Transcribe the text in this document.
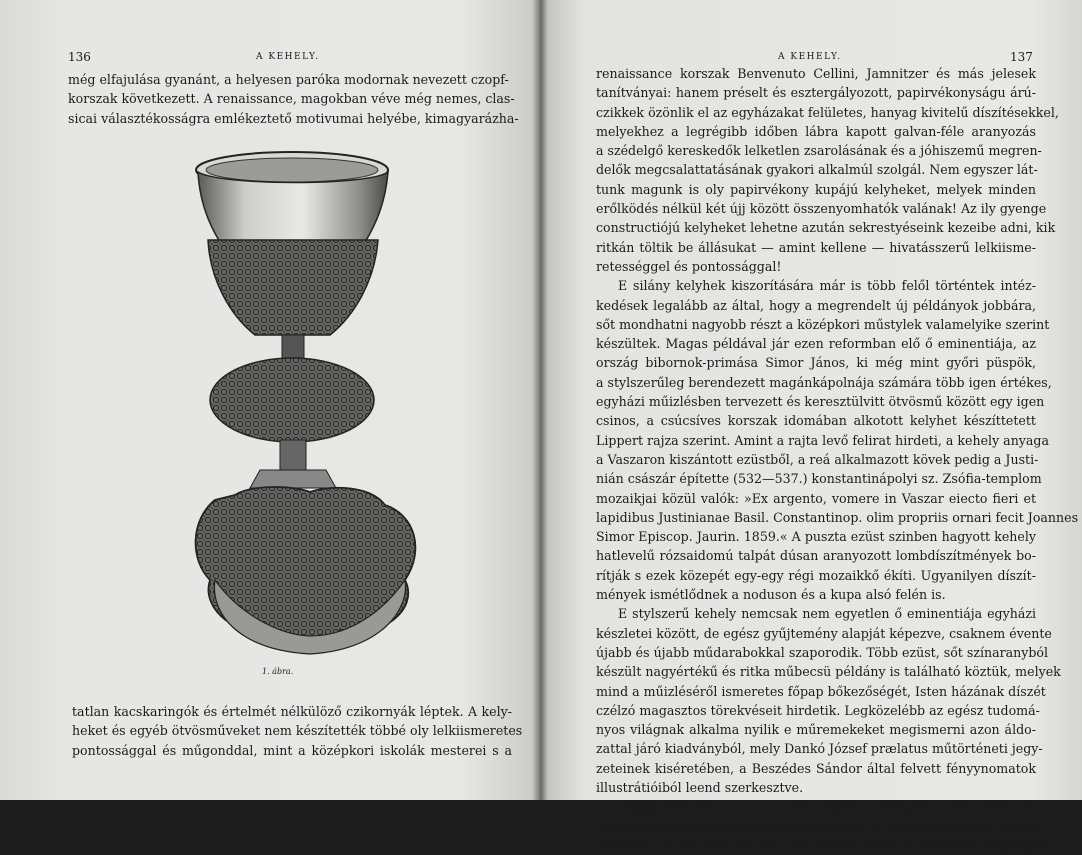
136	A KEHELY.
még elfajulása gyanánt, a helyesen paróka modornak nevezett czopf-
korszak következett. A renaissance, magokban véve még nemes, clas-
sicai választékosságra emlékeztető motivumai helyébe, kimagyarázha-
1. ábra.
tatlan kacskaringók és értelmét nélkülöző czikornyák léptek. A kely-
heket és egyéb ötvösműveket nem készítették többé oly lelkiismeretes
pontossággal és műgonddal, mint a középkori iskolák mesterei s a
A KEHELY.	137
renaissance korszak Benvenuto Cellini, Jamnitzer és más jelesek
tanítványai: hanem préselt és esztergályozott, papirvékonyságu árú-
czikkek özönlik el az egyházakat felületes, hanyag kivitelű díszítésekkel,
melyekhez a legrégibb időben lábra kapott galvan-féle aranyozás
a szédelgő kereskedők lelketlen zsarolásának és a jóhiszemű megren-
delők megcsalattatásának gyakori alkalmúl szolgál. Nem egyszer lát-
tunk magunk is oly papirvékony kupájú kelyheket, melyek minden
erőlködés nélkül két újj között összenyomhatók valának! Az ily gyenge
constructiójú kelyheket lehetne azután sekrestyéseink kezeibe adni, kik
ritkán töltik be állásukat — amint kellene — hivatásszerű lelkiisme-
retességgel és pontossággal!
E silány kelyhek kiszorítására már is több felől történtek intéz-
kedések legalább az által, hogy a megrendelt új példányok jobbára,
sőt mondhatni nagyobb részt a középkori műstylek valamelyike szerint
készültek. Magas példával jár ezen reformban elő ő eminentiája, az
ország bibornok-primása Simor János, ki még mint győri püspök,
a stylszerűleg berendezett magánkápolnája számára több igen értékes,
egyházi műizlésben tervezett és keresztülvitt ötvösmű között egy igen
csinos, a csúcsíves korszak idomában alkotott kelyhet készíttetett
Lippert rajza szerint. Amint a rajta levő felirat hirdeti, a kehely anyaga
a Vaszaron kiszántott ezüstből, a reá alkalmazott kövek pedig a Justi-
nián császár építette (532—537.) konstantinápolyi sz. Zsófia-templom
mozaikjai közül valók: »Ex argento, vomere in Vaszar eiecto fieri et
lapidibus Justinianae Basil. Constantinop. olim propriis ornari fecit Joannes
Simor Episcop. Jaurin. 1859.« A puszta ezüst szinben hagyott kehely
hatlevelű rózsaidomú talpát dúsan aranyozott lombdíszítmények bo-
rítják s ezek közepét egy-egy régi mozaikkő ékíti. Ugyanilyen díszít-
mények ismétlődnek a noduson és a kupa alsó felén is.
E stylszerű kehely nemcsak nem egyetlen ő eminentiája egyházi
készletei között, de egész gyűjtemény alapját képezve, csaknem évente
újabb és újabb műdarabokkal szaporodik. Több ezüst, sőt színaranyból
készült nagyértékű és ritka műbecsü példány is található köztük, melyek
mind a műizléséről ismeretes főpap bőkezőségét, Isten házának díszét
czélzó magasztos törekvéseit hirdetik. Legközelébb az egész tudomá-
nyos világnak alkalma nyilik e műremekeket megismerni azon áldo-
zattal járó kiadványból, mely Dankó József prælatus műtörténeti jegy-
zeteinek kiséretében, a Beszédes Sándor által felvett fényynomatok
illustrátióiból leend szerkesztve.
Főpapjaink közül a stylszerű egyházi edények felkarolását és
beszerzését illetőleg máris többen tűnnek ki. Hosszadalmassá válnék
czikkünk, ha mindannyit bár csak névleg, néhány ismertető megjegyzés
